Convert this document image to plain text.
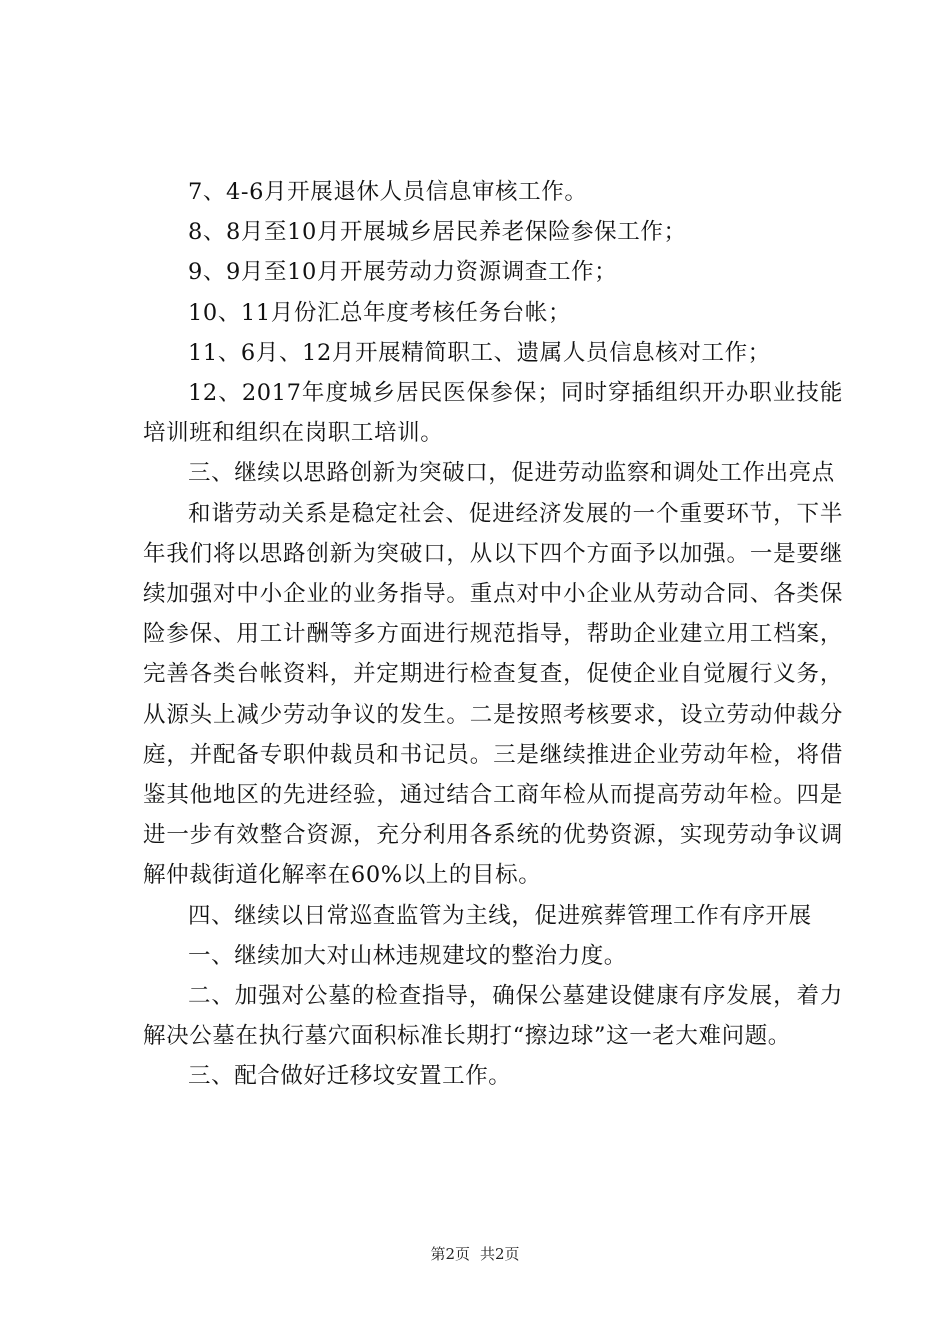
7、4-6月开展退休人员信息审核工作。

8、8月至10月开展城乡居民养老保险参保工作；

9、9月至10月开展劳动力资源调查工作；

10、11月份汇总年度考核任务台帐；

11、6月、12月开展精简职工、遗属人员信息核对工作；

12、2017年度城乡居民医保参保；同时穿插组织开办职业技能培训班和组织在岗职工培训。

三、继续以思路创新为突破口，促进劳动监察和调处工作出亮点

和谐劳动关系是稳定社会、促进经济发展的一个重要环节，下半年我们将以思路创新为突破口，从以下四个方面予以加强。一是要继续加强对中小企业的业务指导。重点对中小企业从劳动合同、各类保险参保、用工计酬等多方面进行规范指导，帮助企业建立用工档案，完善各类台帐资料，并定期进行检查复查，促使企业自觉履行义务，从源头上减少劳动争议的发生。二是按照考核要求，设立劳动仲裁分庭，并配备专职仲裁员和书记员。三是继续推进企业劳动年检，将借鉴其他地区的先进经验，通过结合工商年检从而提高劳动年检。四是进一步有效整合资源，充分利用各系统的优势资源，实现劳动争议调解仲裁街道化解率在60%以上的目标。

四、继续以日常巡查监管为主线，促进殡葬管理工作有序开展

一、继续加大对山林违规建坟的整治力度。

二、加强对公墓的检查指导，确保公墓建设健康有序发展，着力解决公墓在执行墓穴面积标准长期打“擦边球”这一老大难问题。

三、配合做好迁移坟安置工作。

第2页 共2页
